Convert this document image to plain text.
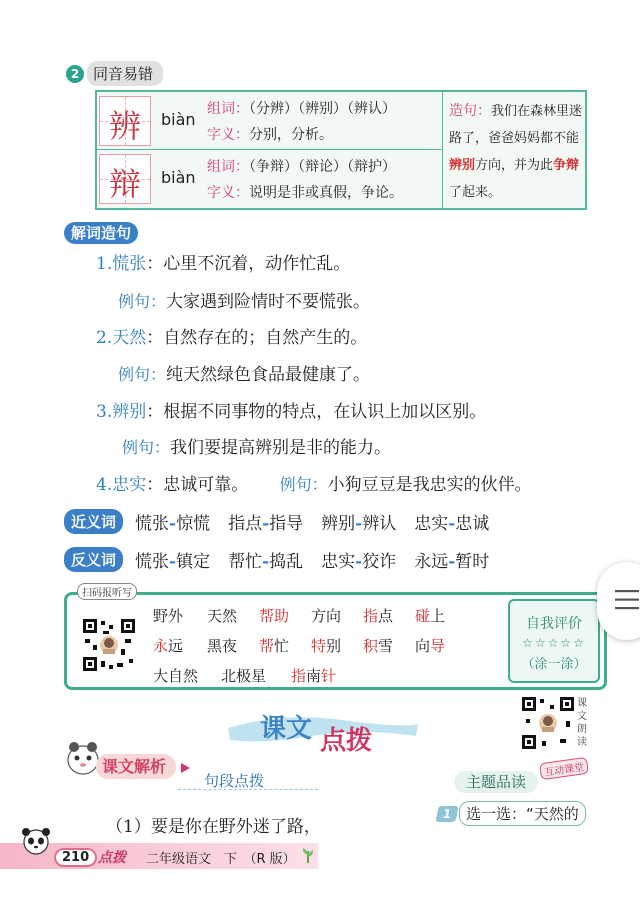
2 同音易错
辨	biàn
组词：（分辨）（辨别）（辨认）
字义：分别，分析。
辩	biàn
组词：（争辩）（辩论）（辩护）
字义：说明是非或真假，争论。
造句：我们在森林里迷路了，爸爸妈妈都不能辨别方向，并为此争辩了起来。
解词造句
1.慌张：心里不沉着，动作忙乱。
例句：大家遇到险情时不要慌张。
2.天然：自然存在的；自然产生的。
例句：纯天然绿色食品最健康了。
3.辨别：根据不同事物的特点，在认识上加以区别。
例句：我们要提高辨别是非的能力。
4.忠实：忠诚可靠。 例句：小狗豆豆是我忠实的伙伴。
近义词	慌张-惊慌 指点-指导 辨别-辨认 忠实-忠诚
反义词	慌张-镇定 帮忙-捣乱 忠实-狡诈 永远-暂时
扫码报听写
野外 天然 帮助 方向 指点 碰上
永远 黑夜 帮忙 特别 积雪 向导
大自然 北极星 指南针
自我评价
☆☆☆☆☆
（涂一涂）
课文 点拨
课文朗读
课文解析
句段点拨	主题品读
互动课堂
1 选一选：“天然的
（1）要是你在野外迷了路，
210 点拨 二年级语文　下　（R 版）
